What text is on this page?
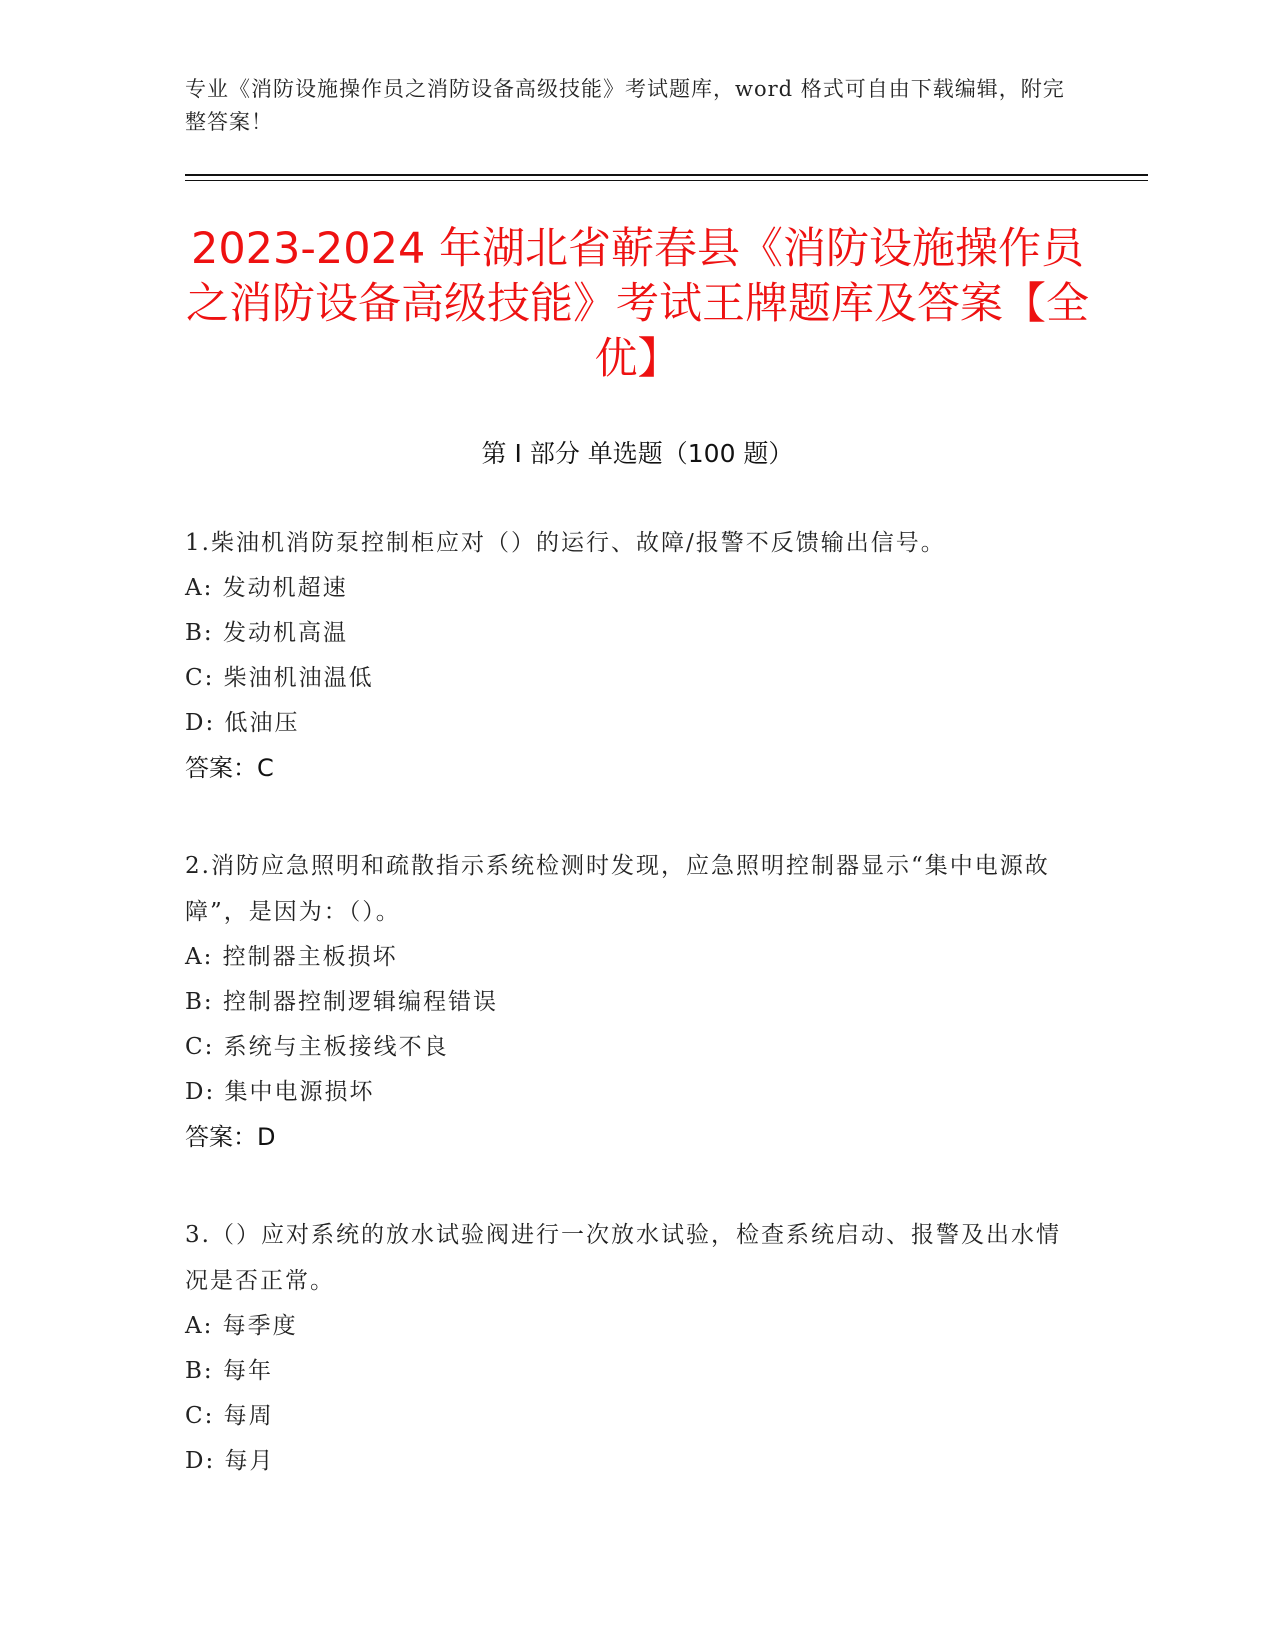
专业《消防设施操作员之消防设备高级技能》考试题库，word 格式可自由下载编辑，附完整答案！
2023-2024 年湖北省蕲春县《消防设施操作员之消防设备高级技能》考试王牌题库及答案【全优】
第 I 部分 单选题（100 题）
1.柴油机消防泵控制柜应对（）的运行、故障/报警不反馈输出信号。
A: 发动机超速
B: 发动机高温
C: 柴油机油温低
D: 低油压
答案：C
2.消防应急照明和疏散指示系统检测时发现，应急照明控制器显示“集中电源故障”，是因为：（）。
A: 控制器主板损坏
B: 控制器控制逻辑编程错误
C: 系统与主板接线不良
D: 集中电源损坏
答案：D
3.（）应对系统的放水试验阀进行一次放水试验，检查系统启动、报警及出水情况是否正常。
A: 每季度
B: 每年
C: 每周
D: 每月
